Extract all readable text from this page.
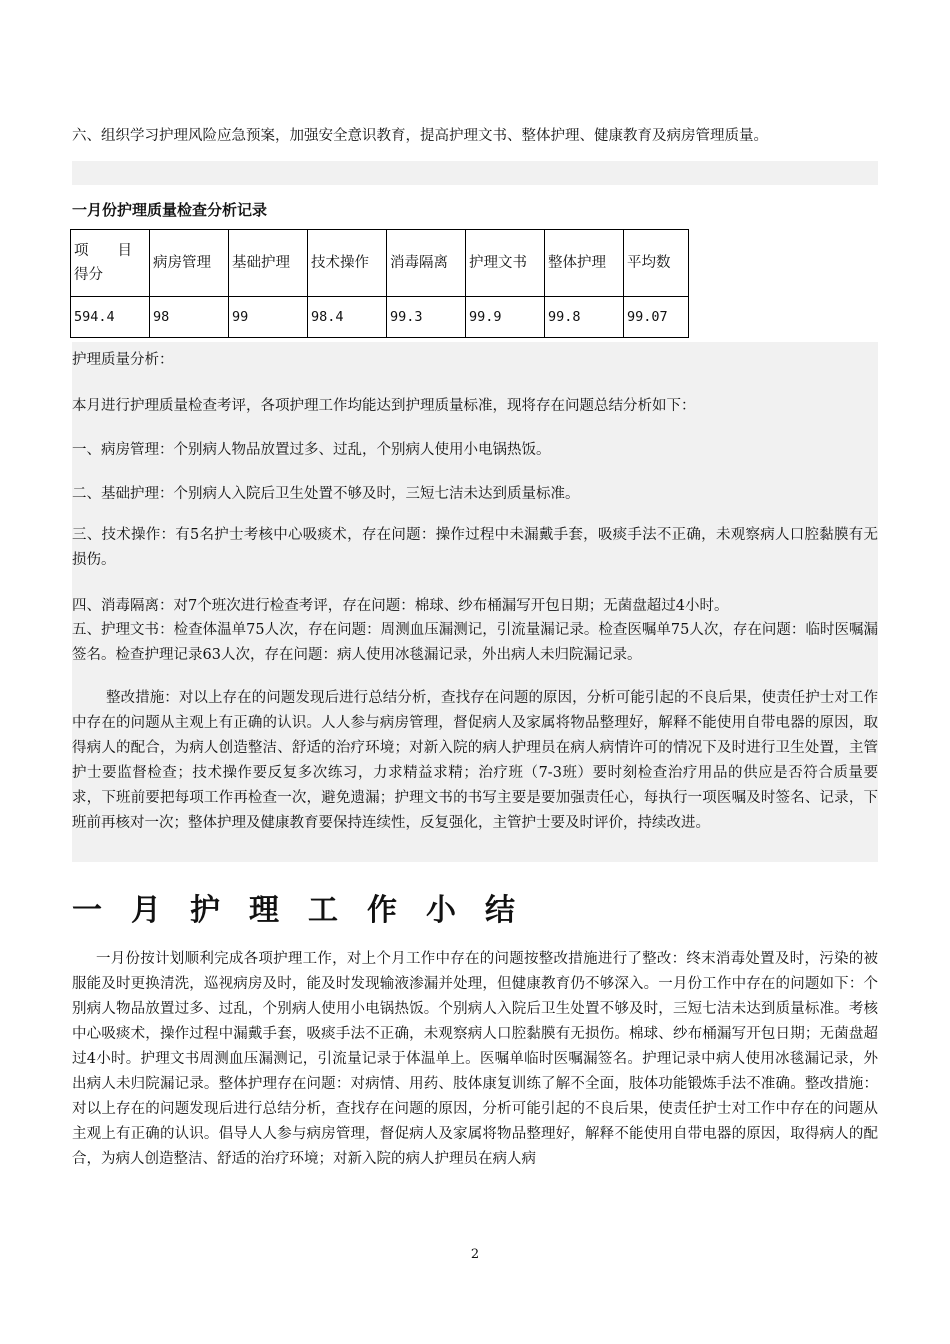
六、组织学习护理风险应急预案，加强安全意识教育，提高护理文书、整体护理、健康教育及病房管理质量。

一月份护理质量检查分析记录
项　　目得分	病房管理	基础护理	技术操作	消毒隔离	护理文书	整体护理	平均数
594.4	98	99	98.4	99.3	99.9	99.8	99.07

护理质量分析：

本月进行护理质量检查考评，各项护理工作均能达到护理质量标准，现将存在问题总结分析如下：

一、病房管理：个别病人物品放置过多、过乱，个别病人使用小电锅热饭。

二、基础护理：个别病人入院后卫生处置不够及时，三短七洁未达到质量标准。

三、技术操作：有5名护士考核中心吸痰术，存在问题：操作过程中未漏戴手套，吸痰手法不正确，未观察病人口腔黏膜有无损伤。

四、消毒隔离：对7个班次进行检查考评，存在问题：棉球、纱布桶漏写开包日期；无菌盘超过4小时。

五、护理文书：检查体温单75人次，存在问题：周测血压漏测记，引流量漏记录。检查医嘱单75人次，存在问题：临时医嘱漏签名。检查护理记录63人次，存在问题：病人使用冰毯漏记录，外出病人未归院漏记录。

整改措施：对以上存在的问题发现后进行总结分析，查找存在问题的原因，分析可能引起的不良后果，使责任护士对工作中存在的问题从主观上有正确的认识。人人参与病房管理，督促病人及家属将物品整理好，解释不能使用自带电器的原因，取得病人的配合，为病人创造整洁、舒适的治疗环境；对新入院的病人护理员在病人病情许可的情况下及时进行卫生处置，主管护士要监督检查；技术操作要反复多次练习，力求精益求精；治疗班（7-3班）要时刻检查治疗用品的供应是否符合质量要求，下班前要把每项工作再检查一次，避免遗漏；护理文书的书写主要是要加强责任心，每执行一项医嘱及时签名、记录，下班前再核对一次；整体护理及健康教育要保持连续性，反复强化，主管护士要及时评价，持续改进。

一月护理工作小结

一月份按计划顺利完成各项护理工作，对上个月工作中存在的问题按整改措施进行了整改：终末消毒处置及时，污染的被服能及时更换清洗，巡视病房及时，能及时发现输液渗漏并处理，但健康教育仍不够深入。一月份工作中存在的问题如下：个别病人物品放置过多、过乱，个别病人使用小电锅热饭。个别病人入院后卫生处置不够及时，三短七洁未达到质量标准。考核中心吸痰术，操作过程中漏戴手套，吸痰手法不正确，未观察病人口腔黏膜有无损伤。棉球、纱布桶漏写开包日期；无菌盘超过4小时。护理文书周测血压漏测记，引流量记录于体温单上。医嘱单临时医嘱漏签名。护理记录中病人使用冰毯漏记录，外出病人未归院漏记录。整体护理存在问题：对病情、用药、肢体康复训练了解不全面，肢体功能锻炼手法不准确。整改措施：对以上存在的问题发现后进行总结分析，查找存在问题的原因，分析可能引起的不良后果，使责任护士对工作中存在的问题从主观上有正确的认识。倡导人人参与病房管理，督促病人及家属将物品整理好，解释不能使用自带电器的原因，取得病人的配合，为病人创造整洁、舒适的治疗环境；对新入院的病人护理员在病人病

2
